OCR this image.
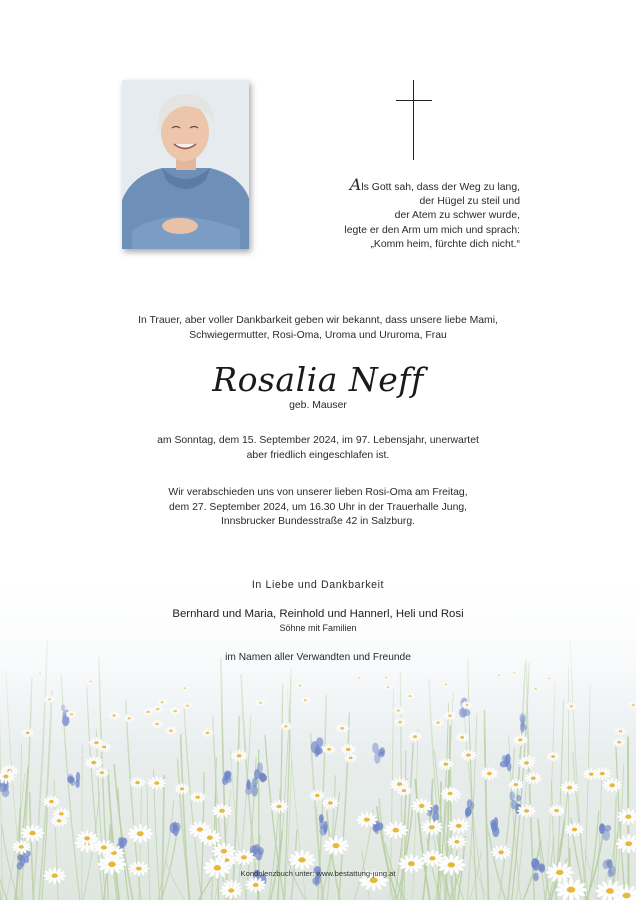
Als Gott sah, dass der Weg zu lang,
der Hügel zu steil und
der Atem zu schwer wurde,
legte er den Arm um mich und sprach:
„Komm heim, fürchte dich nicht.“
In Trauer, aber voller Dankbarkeit geben wir bekannt, dass unsere liebe Mami,
Schwiegermutter, Rosi-Oma, Uroma und Ururoma, Frau
Rosalia Neff
geb. Mauser
am Sonntag, dem 15. September 2024, im 97. Lebensjahr, unerwartet
aber friedlich eingeschlafen ist.
Wir verabschieden uns von unserer lieben Rosi-Oma am Freitag,
dem 27. September 2024, um 16.30 Uhr in der Trauerhalle Jung,
Innsbrucker Bundesstraße 42 in Salzburg.
In Liebe und Dankbarkeit
Bernhard und Maria, Reinhold und Hannerl, Heli und Rosi
Söhne mit Familien
im Namen aller Verwandten und Freunde
Kondolenzbuch unter: www.bestattung-jung.at
